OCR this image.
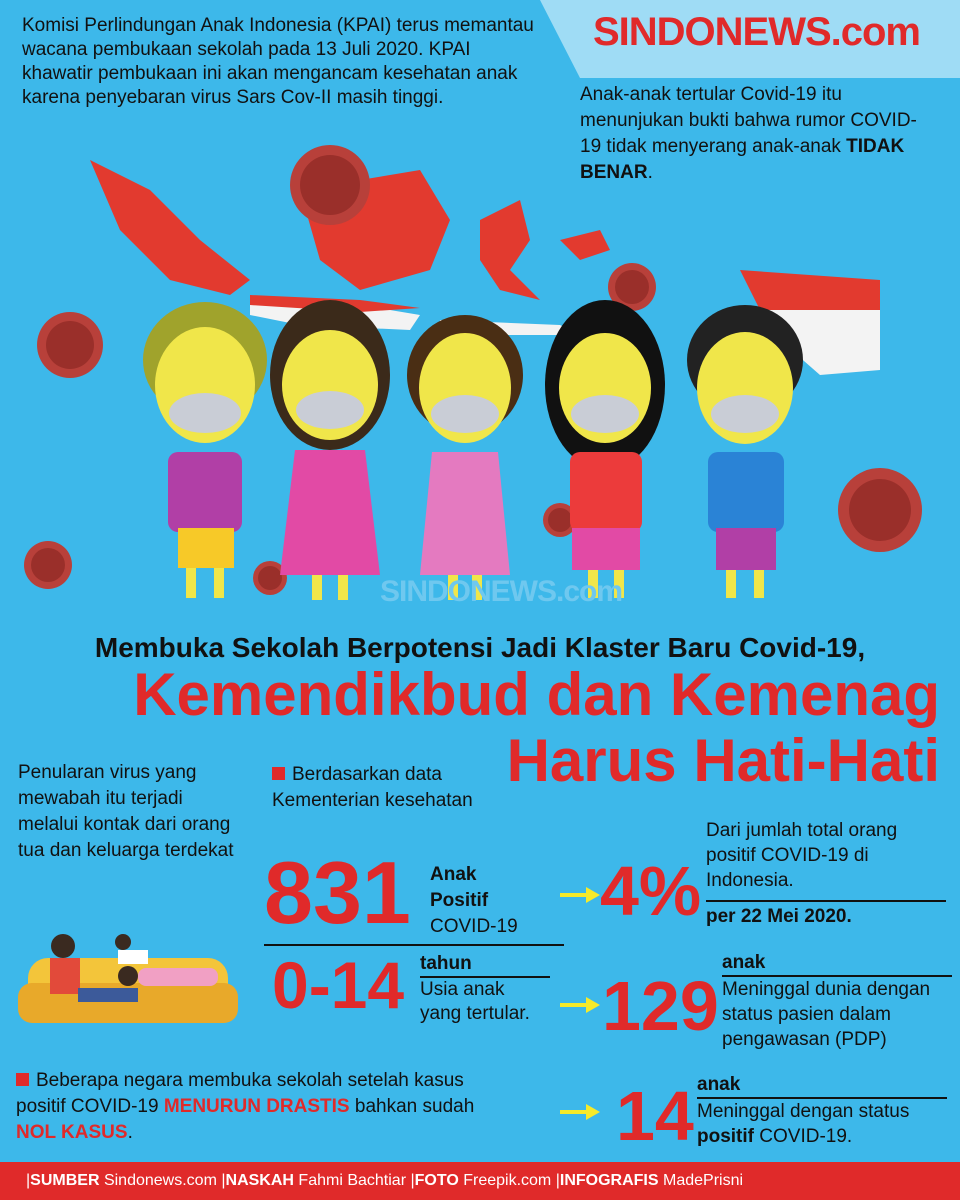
SINDONEWS.com
Komisi Perlindungan Anak Indonesia (KPAI) terus memantau wacana pembukaan sekolah pada 13 Juli 2020. KPAI khawatir pembukaan ini akan mengancam kesehatan anak karena penyebaran virus Sars Cov-II masih tinggi.	Anak-anak tertular Covid-19 itu menunjukan bukti bahwa rumor COVID-19 tidak menyerang anak-anak TIDAK BENAR.
SINDONEWS.com
Membuka Sekolah Berpotensi Jadi Klaster Baru Covid-19,
Kemendikbud dan Kemenag
Harus Hati-Hati
Penularan virus yang mewabah itu terjadi melalui kontak dari orang tua dan keluarga terdekat
Berdasarkan data Kementerian kesehatan
831 Anak
Positif
COVID-19
0-14 tahun
Usia anak yang tertular.
4%
Dari jumlah total orang positif COVID-19 di Indonesia.
per 22 Mei 2020.
129
anak
Meninggal dunia dengan status pasien dalam pengawasan (PDP)
14 anak
Meninggal dengan status
positif COVID-19.
Beberapa negara membuka sekolah setelah kasus positif COVID-19 MENURUN DRASTIS bahkan sudah NOL KASUS.
|SUMBER Sindonews.com |NASKAH Fahmi Bachtiar |FOTO Freepik.com |INFOGRAFIS MadePrisni
